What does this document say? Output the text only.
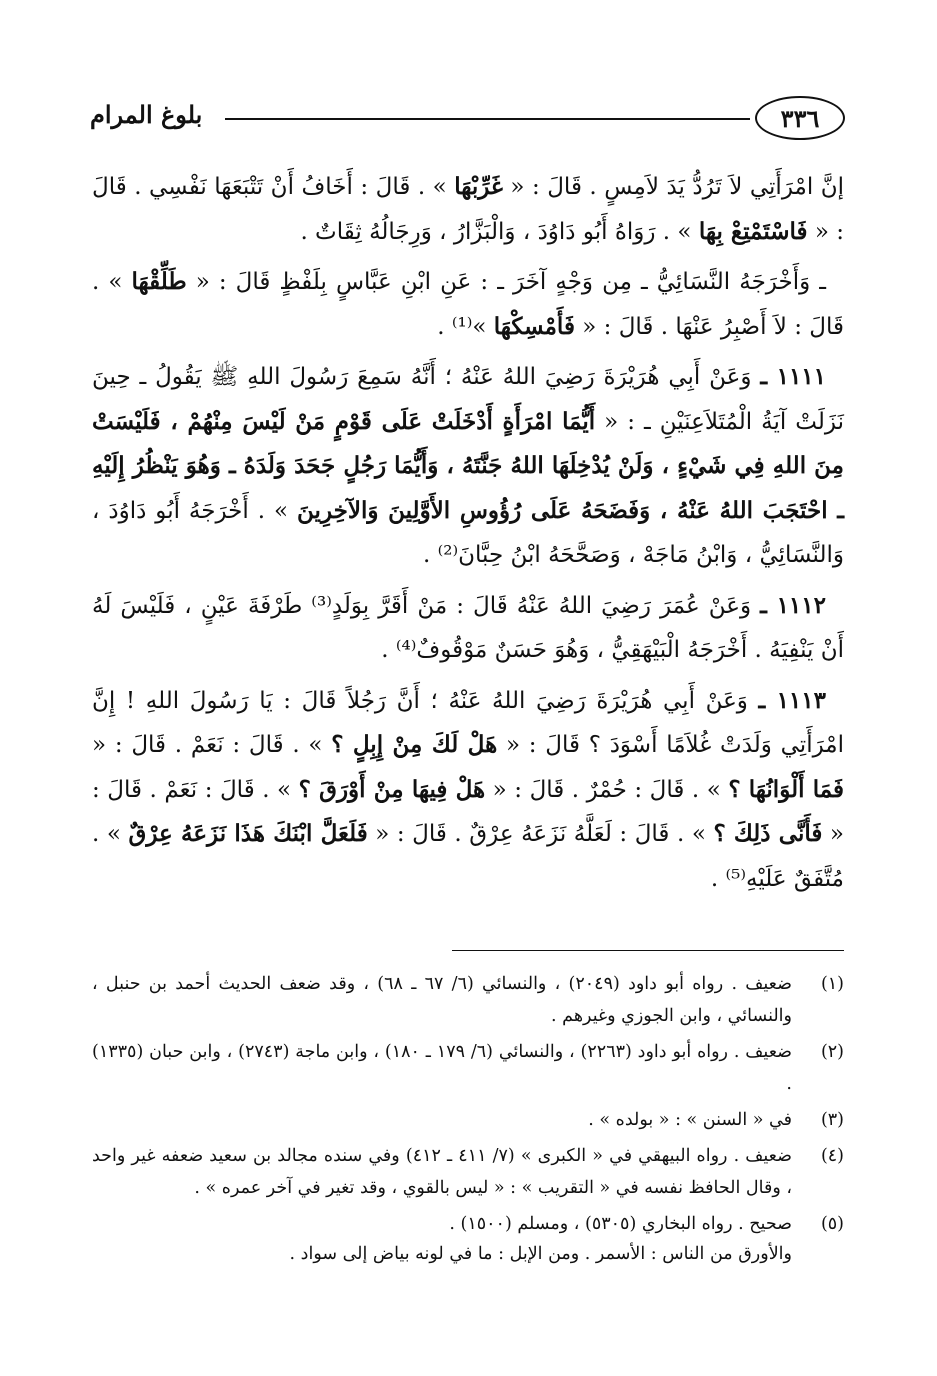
٣٣٦
بلوغ المرام

إنَّ امْرَأَتِي لاَ تَرُدُّ يَدَ لاَمِسٍ . قَالَ : « غَرِّبْهَا » . قَالَ : أَخَافُ أَنْ تَتْبَعَهَا نَفْسِي . قَالَ : « فَاسْتَمْتِعْ بِهَا » . رَوَاهُ أَبُو دَاوُدَ ، وَالْبَزَّارُ ، وَرِجَالُهُ ثِقَاتٌ .

ـ وَأَخْرَجَهُ النَّسَائِيُّ ـ مِن وَجْهٍ آخَرَ ـ : عَنِ ابْنِ عَبَّاسٍ بِلَفْظٍ قَالَ : « طَلِّقْهَا » . قَالَ : لاَ أَصْبِرُ عَنْهَا . قَالَ : « فَأَمْسِكْهَا »⁽¹⁾ .

١١١١ ـ وَعَنْ أَبِي هُرَيْرَةَ رَضِيَ اللهُ عَنْهُ ؛ أَنَّهُ سَمِعَ رَسُولَ اللهِ ﷺ يَقُولُ ـ حِينَ نَزَلَتْ آيَةُ الْمُتَلاَعِنَيْنِ ـ : « أَيُّمَا امْرَأَةٍ أَدْخَلَتْ عَلَى قَوْمٍ مَنْ لَيْسَ مِنْهُمْ ، فَلَيْسَتْ مِنَ اللهِ فِي شَيْءٍ ، وَلَنْ يُدْخِلَهَا اللهُ جَنَّتَهُ ، وَأَيُّمَا رَجُلٍ جَحَدَ وَلَدَهُ ـ وَهُوَ يَنْظُرُ إِلَيْهِ ـ احْتَجَبَ اللهُ عَنْهُ ، وَفَضَحَهُ عَلَى رُؤُوسِ الأَوَّلِينَ وَالآخِرِينَ » . أَخْرَجَهُ أَبُو دَاوُدَ ، وَالنَّسَائِيُّ ، وَابْنُ مَاجَهْ ، وَصَحَّحَهُ ابْنُ حِبَّانَ⁽²⁾ .

١١١٢ ـ وَعَنْ عُمَرَ رَضِيَ اللهُ عَنْهُ قَالَ : مَنْ أَقَرَّ بِوَلَدٍ⁽³⁾ طَرْفَةَ عَيْنٍ ، فَلَيْسَ لَهُ أَنْ يَنْفِيَهُ . أَخْرَجَهُ الْبَيْهَقِيُّ ، وَهُوَ حَسَنٌ مَوْقُوفٌ⁽⁴⁾ .

١١١٣ ـ وَعَنْ أَبِي هُرَيْرَةَ رَضِيَ اللهُ عَنْهُ ؛ أَنَّ رَجُلاً قَالَ : يَا رَسُولَ اللهِ ! إِنَّ امْرَأَتِي وَلَدَتْ غُلاَمًا أَسْوَدَ ؟ قَالَ : « هَلْ لَكَ مِنْ إِبِلٍ ؟ » . قَالَ : نَعَمْ . قَالَ : « فَمَا أَلْوَانُهَا ؟ » . قَالَ : حُمْرٌ . قَالَ : « هَلْ فِيهَا مِنْ أَوْرَقَ ؟ » . قَالَ : نَعَمْ . قَالَ : « فَأَنَّى ذَلِكَ ؟ » . قَالَ : لَعَلَّهُ نَزَعَهُ عِرْقٌ . قَالَ : « فَلَعَلَّ ابْنَكَ هَذَا نَزَعَهُ عِرْقٌ » . مُتَّفَقٌ عَلَيْهِ⁽⁵⁾ .

(١)
ضعيف . رواه أبو داود (٢٠٤٩) ، والنسائي (٦/ ٦٧ ـ ٦٨) ، وقد ضعف الحديث أحمد بن حنبل ، والنسائي ، وابن الجوزي وغيرهم .
(٢)
ضعيف . رواه أبو داود (٢٢٦٣) ، والنسائي (٦/ ١٧٩ ـ ١٨٠) ، وابن ماجة (٢٧٤٣) ، وابن حبان (١٣٣٥) .
(٣)
في « السنن » : « بولده » .
(٤)
ضعيف . رواه البيهقي في « الكبرى » (٧/ ٤١١ ـ ٤١٢) وفي سنده مجالد بن سعيد ضعفه غير واحد ، وقال الحافظ نفسه في « التقريب » : « ليس بالقوي ، وقد تغير في آخر عمره » .
(٥)
صحيح . رواه البخاري (٥٣٠٥) ، ومسلم (١٥٠٠) .
والأورق من الناس : الأسمر . ومن الإبل : ما في لونه بياض إلى سواد .
